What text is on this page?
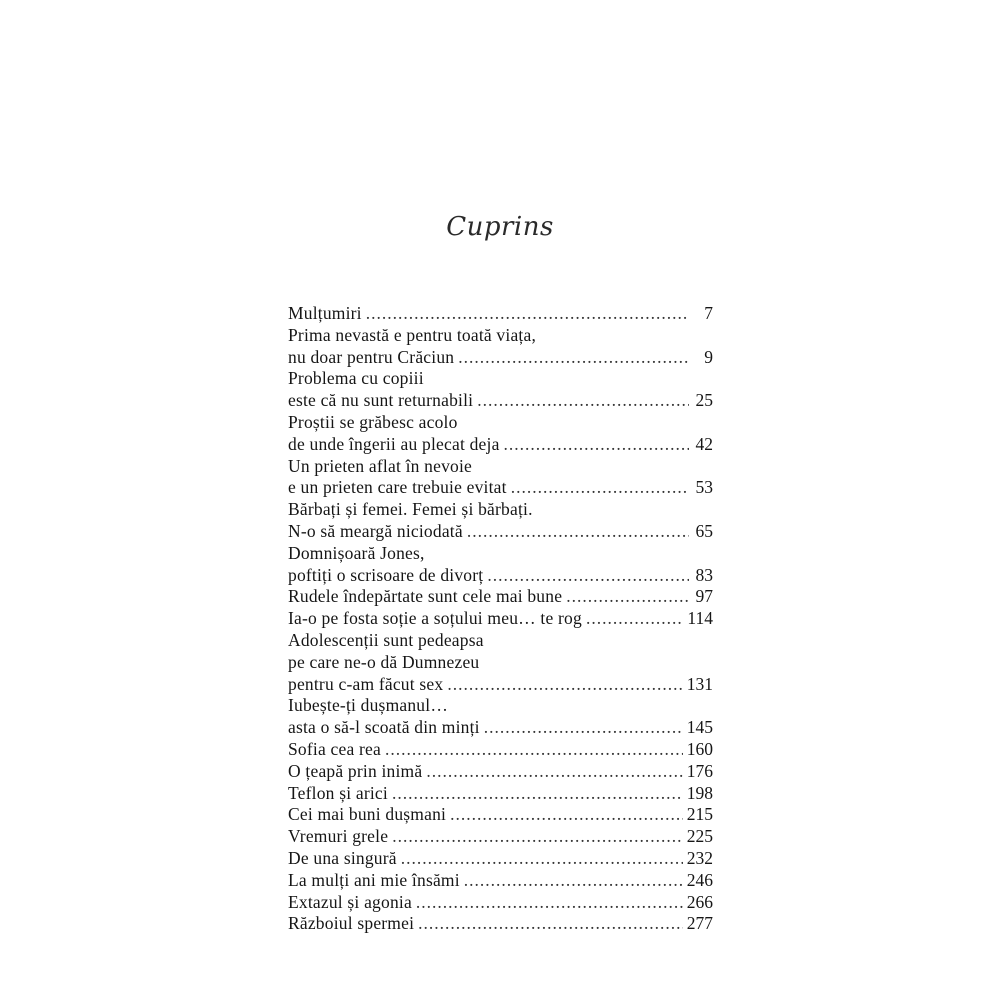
Cuprins
Mulțumiri .....	7
Prima nevastă e pentru toată viața,
nu doar pentru Crăciun .....	9
Problema cu copiii
este că nu sunt returnabili .....	25
Proștii se grăbesc acolo
de unde îngerii au plecat deja .....	42
Un prieten aflat în nevoie
e un prieten care trebuie evitat .....	53
Bărbați și femei. Femei și bărbați.
N-o să meargă niciodată .....	65
Domnișoară Jones,
poftiți o scrisoare de divorț .....	83
Rudele îndepărtate sunt cele mai bune .....	97
Ia-o pe fosta soție a soțului meu… te rog .....	114
Adolescenții sunt pedeapsa
pe care ne-o dă Dumnezeu
pentru c-am făcut sex .....	131
Iubește-ți dușmanul…
asta o să-l scoată din minți .....	145
Sofia cea rea .....	160
O țeapă prin inimă .....	176
Teflon și arici .....	198
Cei mai buni dușmani .....	215
Vremuri grele .....	225
De una singură .....	232
La mulți ani mie însămi .....	246
Extazul și agonia .....	266
Războiul spermei .....	277
